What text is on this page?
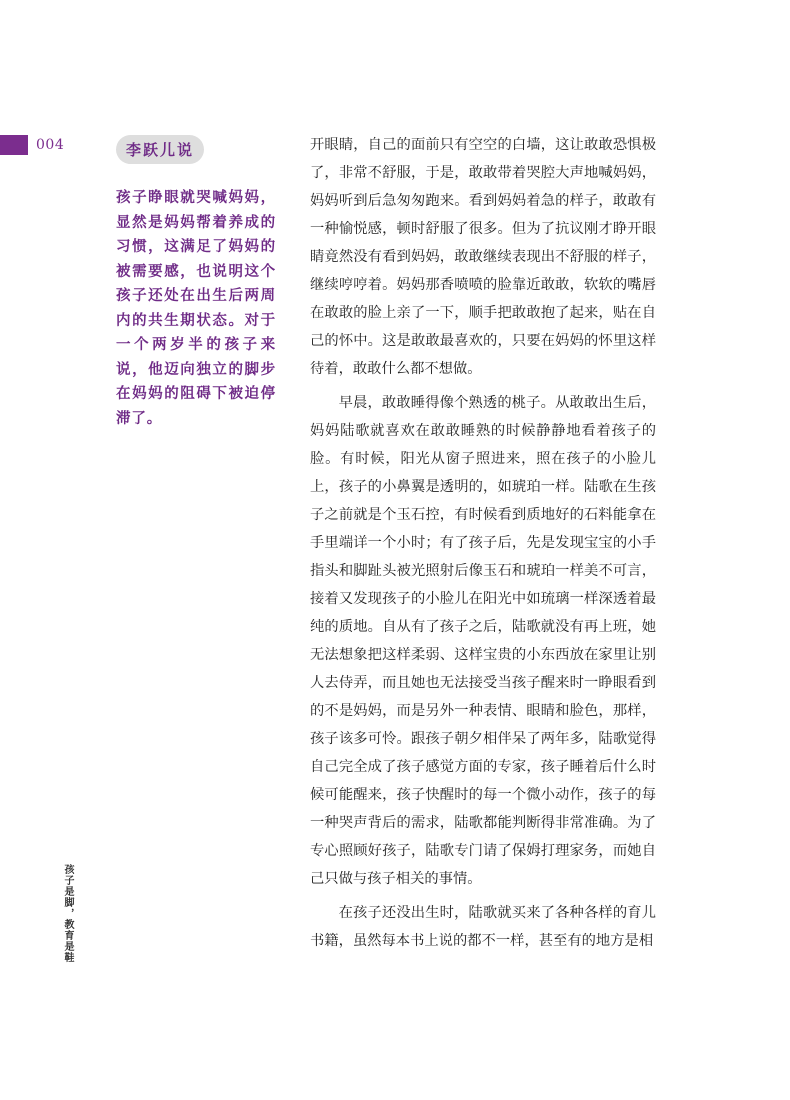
004	李跃儿说
孩子睁眼就哭喊妈妈，显然是妈妈帮着养成的习惯，这满足了妈妈的被需要感，也说明这个孩子还处在出生后两周内的共生期状态。对于一个两岁半的孩子来说，他迈向独立的脚步在妈妈的阻碍下被迫停滞了。
孩子是脚，教育是鞋

开眼睛，自己的面前只有空空的白墙，这让敢敢恐惧极了，非常不舒服，于是，敢敢带着哭腔大声地喊妈妈，妈妈听到后急匆匆跑来。看到妈妈着急的样子，敢敢有一种愉悦感，顿时舒服了很多。但为了抗议刚才睁开眼睛竟然没有看到妈妈，敢敢继续表现出不舒服的样子，继续哼哼着。妈妈那香喷喷的脸靠近敢敢，软软的嘴唇在敢敢的脸上亲了一下，顺手把敢敢抱了起来，贴在自己的怀中。这是敢敢最喜欢的，只要在妈妈的怀里这样待着，敢敢什么都不想做。

早晨，敢敢睡得像个熟透的桃子。从敢敢出生后，妈妈陆歌就喜欢在敢敢睡熟的时候静静地看着孩子的脸。有时候，阳光从窗子照进来，照在孩子的小脸儿上，孩子的小鼻翼是透明的，如琥珀一样。陆歌在生孩子之前就是个玉石控，有时候看到质地好的石料能拿在手里端详一个小时；有了孩子后，先是发现宝宝的小手指头和脚趾头被光照射后像玉石和琥珀一样美不可言，接着又发现孩子的小脸儿在阳光中如琉璃一样深透着最纯的质地。自从有了孩子之后，陆歌就没有再上班，她无法想象把这样柔弱、这样宝贵的小东西放在家里让别人去侍弄，而且她也无法接受当孩子醒来时一睁眼看到的不是妈妈，而是另外一种表情、眼睛和脸色，那样，孩子该多可怜。跟孩子朝夕相伴呆了两年多，陆歌觉得自己完全成了孩子感觉方面的专家，孩子睡着后什么时候可能醒来，孩子快醒时的每一个微小动作，孩子的每一种哭声背后的需求，陆歌都能判断得非常准确。为了专心照顾好孩子，陆歌专门请了保姆打理家务，而她自己只做与孩子相关的事情。

在孩子还没出生时，陆歌就买来了各种各样的育儿书籍，虽然每本书上说的都不一样，甚至有的地方是相
